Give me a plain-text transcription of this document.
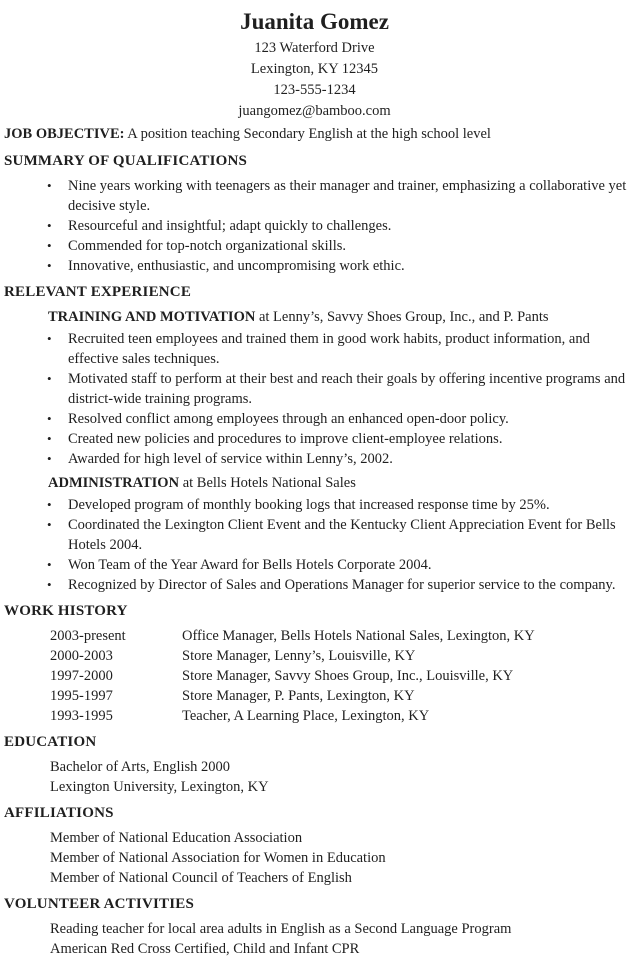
Juanita Gomez
123 Waterford Drive
Lexington, KY 12345
123-555-1234
juangomez@bamboo.com

JOB OBJECTIVE: A position teaching Secondary English at the high school level

SUMMARY OF QUALIFICATIONS
•	Nine years working with teenagers as their manager and trainer, emphasizing a collaborative yet decisive style.
•	Resourceful and insightful; adapt quickly to challenges.
•	Commended for top-notch organizational skills.
•	Innovative, enthusiastic, and uncompromising work ethic.
RELEVANT EXPERIENCE

TRAINING AND MOTIVATION at Lenny’s, Savvy Shoes Group, Inc., and P. Pants

•	Recruited teen employees and trained them in good work habits, product information, and effective sales techniques.
•	Motivated staff to perform at their best and reach their goals by offering incentive programs and district-wide training programs.
•	Resolved conflict among employees through an enhanced open-door policy.
•	Created new policies and procedures to improve client-employee relations.
•	Awarded for high level of service within Lenny’s, 2002.

ADMINISTRATION at Bells Hotels National Sales

•	Developed program of monthly booking logs that increased response time by 25%.
•	Coordinated the Lexington Client Event and the Kentucky Client Appreciation Event for Bells Hotels 2004.
•	Won Team of the Year Award for Bells Hotels Corporate 2004.
•	Recognized by Director of Sales and Operations Manager for superior service to the company.
WORK HISTORY
2003-present	Office Manager, Bells Hotels National Sales, Lexington, KY
2000-2003	Store Manager, Lenny’s, Louisville, KY
1997-2000	Store Manager, Savvy Shoes Group, Inc., Louisville, KY
1995-1997	Store Manager, P. Pants, Lexington, KY
1993-1995	Teacher, A Learning Place, Lexington, KY
EDUCATION
Bachelor of Arts, English 2000
Lexington University, Lexington, KY
AFFILIATIONS
Member of National Education Association
Member of National Association for Women in Education
Member of National Council of Teachers of English
VOLUNTEER ACTIVITIES
Reading teacher for local area adults in English as a Second Language Program
American Red Cross Certified, Child and Infant CPR
